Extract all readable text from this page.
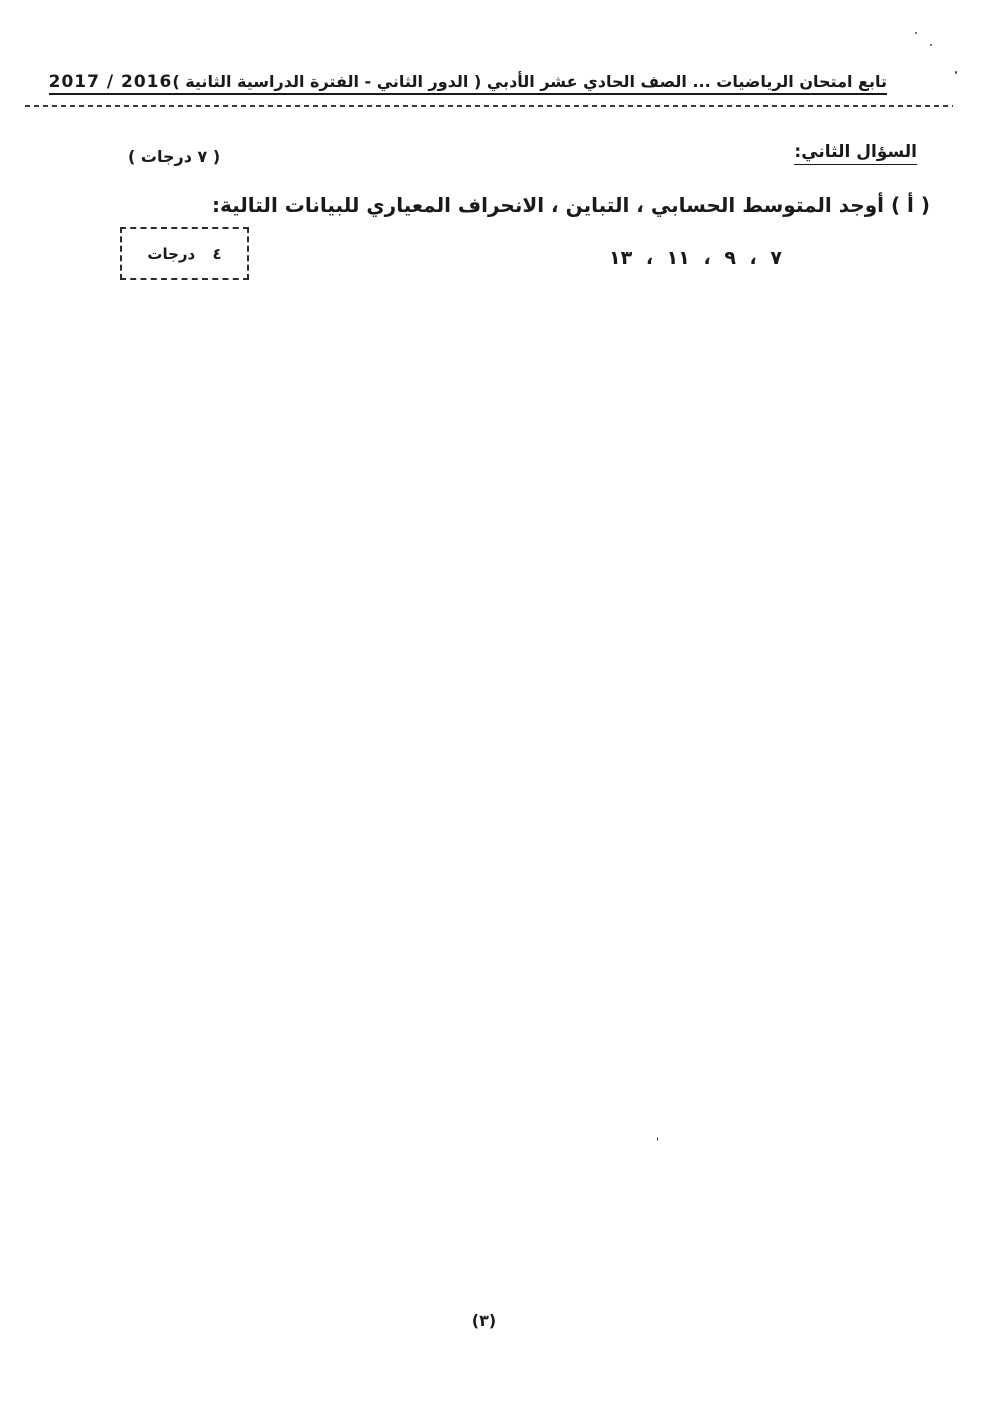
تابع امتحان الرياضيات ... الصف الحادي عشر الأدبي ( الدور الثاني - الفترة الدراسية الثانية )
2017 / 2016
السؤال الثاني:
( ٧ درجات )
( أ ) أوجد المتوسط الحسابي ، التباين ، الانحراف المعياري للبيانات التالية:
٧ ، ٩ ، ١١ ، ١٣
٤ درجات
(٣)
